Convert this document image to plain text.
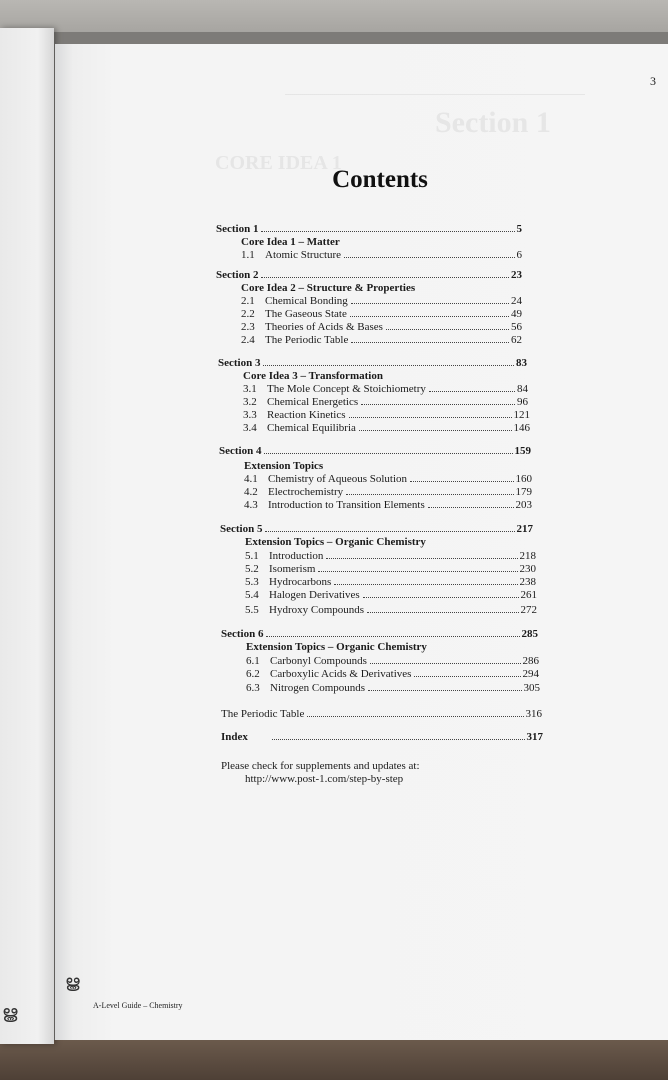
ൠ
Section 1
CORE IDEA 1
3
Contents
Section 1	5
Core Idea 1 – Matter
1.1 Atomic Structure	6
Section 2	23
Core Idea 2 – Structure & Properties
2.1 Chemical Bonding	24
2.2 The Gaseous State	49
2.3 Theories of Acids & Bases	56
2.4 The Periodic Table	62
Section 3	83
Core Idea 3 – Transformation
3.1 The Mole Concept & Stoichiometry	84
3.2 Chemical Energetics	96
3.3 Reaction Kinetics	121
3.4 Chemical Equilibria	146
Section 4	159
Extension Topics
4.1 Chemistry of Aqueous Solution	160
4.2 Electrochemistry	179
4.3 Introduction to Transition Elements	203
Section 5	217
Extension Topics – Organic Chemistry
5.1 Introduction	218
5.2 Isomerism	230
5.3 Hydrocarbons	238
5.4 Halogen Derivatives	261
5.5 Hydroxy Compounds	272
Section 6	285
Extension Topics – Organic Chemistry
6.1 Carbonyl Compounds	286
6.2 Carboxylic Acids & Derivatives	294
6.3 Nitrogen Compounds	305
The Periodic Table	316
Index	317
Please check for supplements and updates at:
http://www.post-1.com/step-by-step
ൠ
A-Level Guide – Chemistry
